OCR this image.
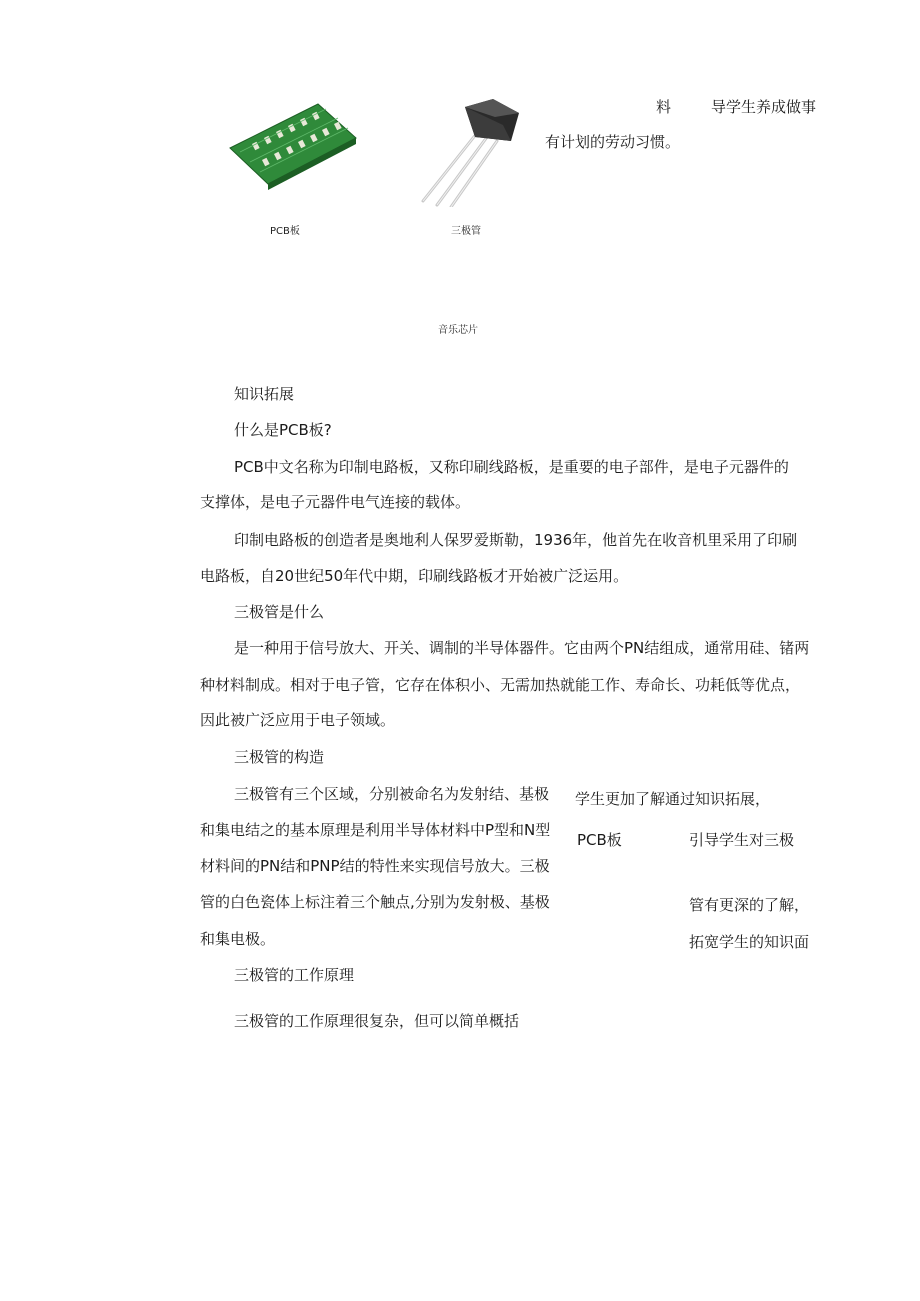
PCB板	三极管
音乐芯片
料	导学生养成做事
有计划的劳动习惯。
知识拓展
什么是PCB板?
PCB中文名称为印制电路板，又称印刷线路板，是重要的电子部件，是电子元器件的
支撑体，是电子元器件电气连接的载体。
印制电路板的创造者是奥地利人保罗爱斯勒，1936年，他首先在收音机里采用了印刷
电路板，自20世纪50年代中期，印刷线路板才开始被广泛运用。
三极管是什么
是一种用于信号放大、开关、调制的半导体器件。它由两个PN结组成，通常用硅、锗两
种材料制成。相对于电子管，它存在体积小、无需加热就能工作、寿命长、功耗低等优点，
因此被广泛应用于电子领域。
三极管的构造
三极管有三个区域，分别被命名为发射结、基极
和集电结之的基本原理是利用半导体材料中P型和N型
材料间的PN结和PNP结的特性来实现信号放大。三极
管的白色瓷体上标注着三个触点,分别为发射极、基极
和集电极。
三极管的工作原理
三极管的工作原理很复杂，但可以简单概括
学生更加了解通过知识拓展，
PCB板	引导学生对三极
管有更深的了解，
拓宽学生的知识面
